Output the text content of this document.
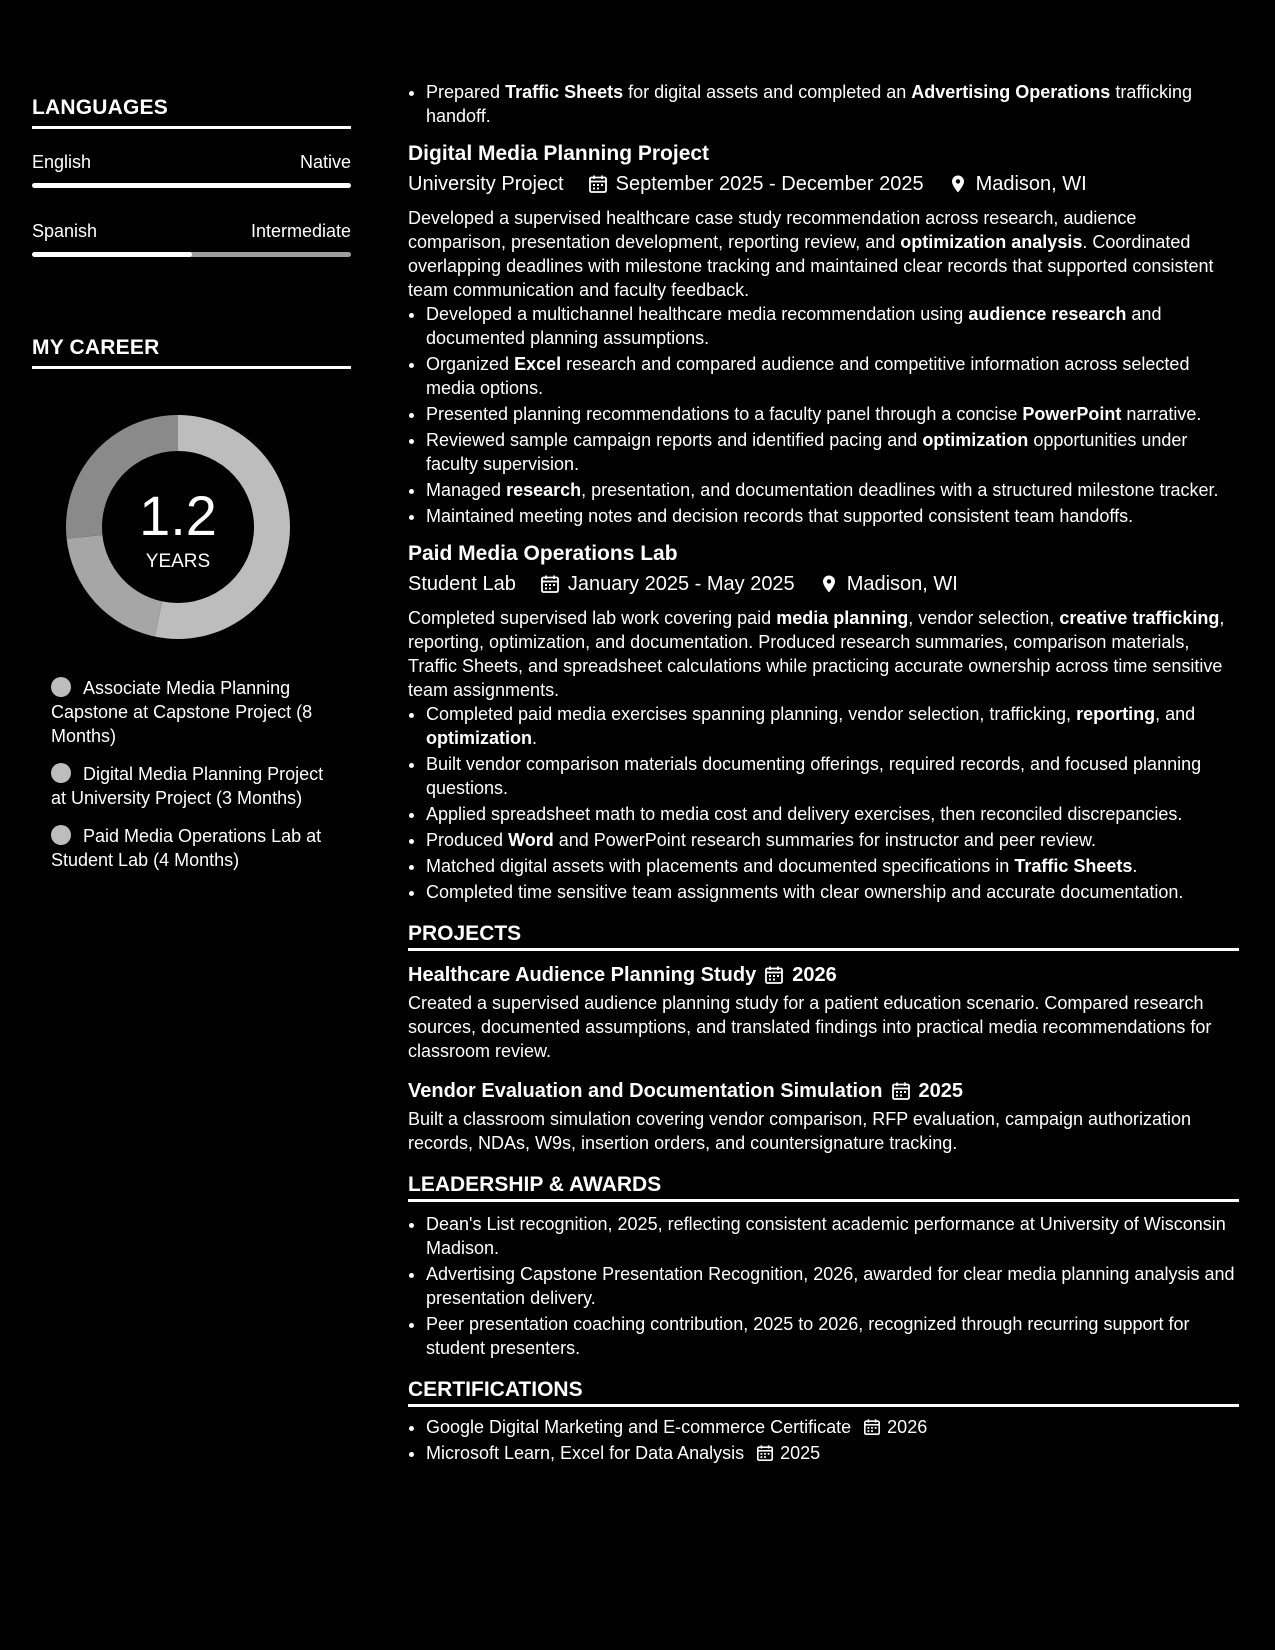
LANGUAGES
English	Native
Spanish	Intermediate
MY CAREER
1.2
YEARS
Associate Media Planning Capstone at Capstone Project (8 Months)
Digital Media Planning Project at University Project (3 Months)
Paid Media Operations Lab at Student Lab (4 Months)
• Prepared Traffic Sheets for digital assets and completed an Advertising Operations trafficking handoff.
Digital Media Planning Project
University Project	September 2025 - December 2025	Madison, WI
Developed a supervised healthcare case study recommendation across research, audience comparison, presentation development, reporting review, and optimization analysis. Coordinated overlapping deadlines with milestone tracking and maintained clear records that supported consistent team communication and faculty feedback.
• Developed a multichannel healthcare media recommendation using audience research and documented planning assumptions.
• Organized Excel research and compared audience and competitive information across selected media options.
• Presented planning recommendations to a faculty panel through a concise PowerPoint narrative.
• Reviewed sample campaign reports and identified pacing and optimization opportunities under faculty supervision.
• Managed research, presentation, and documentation deadlines with a structured milestone tracker.
• Maintained meeting notes and decision records that supported consistent team handoffs.
Paid Media Operations Lab
Student Lab	January 2025 - May 2025	Madison, WI
Completed supervised lab work covering paid media planning, vendor selection, creative trafficking, reporting, optimization, and documentation. Produced research summaries, comparison materials, Traffic Sheets, and spreadsheet calculations while practicing accurate ownership across time sensitive team assignments.
• Completed paid media exercises spanning planning, vendor selection, trafficking, reporting, and optimization.
• Built vendor comparison materials documenting offerings, required records, and focused planning questions.
• Applied spreadsheet math to media cost and delivery exercises, then reconciled discrepancies.
• Produced Word and PowerPoint research summaries for instructor and peer review.
• Matched digital assets with placements and documented specifications in Traffic Sheets.
• Completed time sensitive team assignments with clear ownership and accurate documentation.
PROJECTS
Healthcare Audience Planning Study 2026
Created a supervised audience planning study for a patient education scenario. Compared research sources, documented assumptions, and translated findings into practical media recommendations for classroom review.
Vendor Evaluation and Documentation Simulation 2025
Built a classroom simulation covering vendor comparison, RFP evaluation, campaign authorization records, NDAs, W9s, insertion orders, and countersignature tracking.
LEADERSHIP & AWARDS
• Dean's List recognition, 2025, reflecting consistent academic performance at University of Wisconsin Madison.
• Advertising Capstone Presentation Recognition, 2026, awarded for clear media planning analysis and presentation delivery.
• Peer presentation coaching contribution, 2025 to 2026, recognized through recurring support for student presenters.
CERTIFICATIONS
• Google Digital Marketing and E-commerce Certificate 2026
• Microsoft Learn, Excel for Data Analysis 2025
